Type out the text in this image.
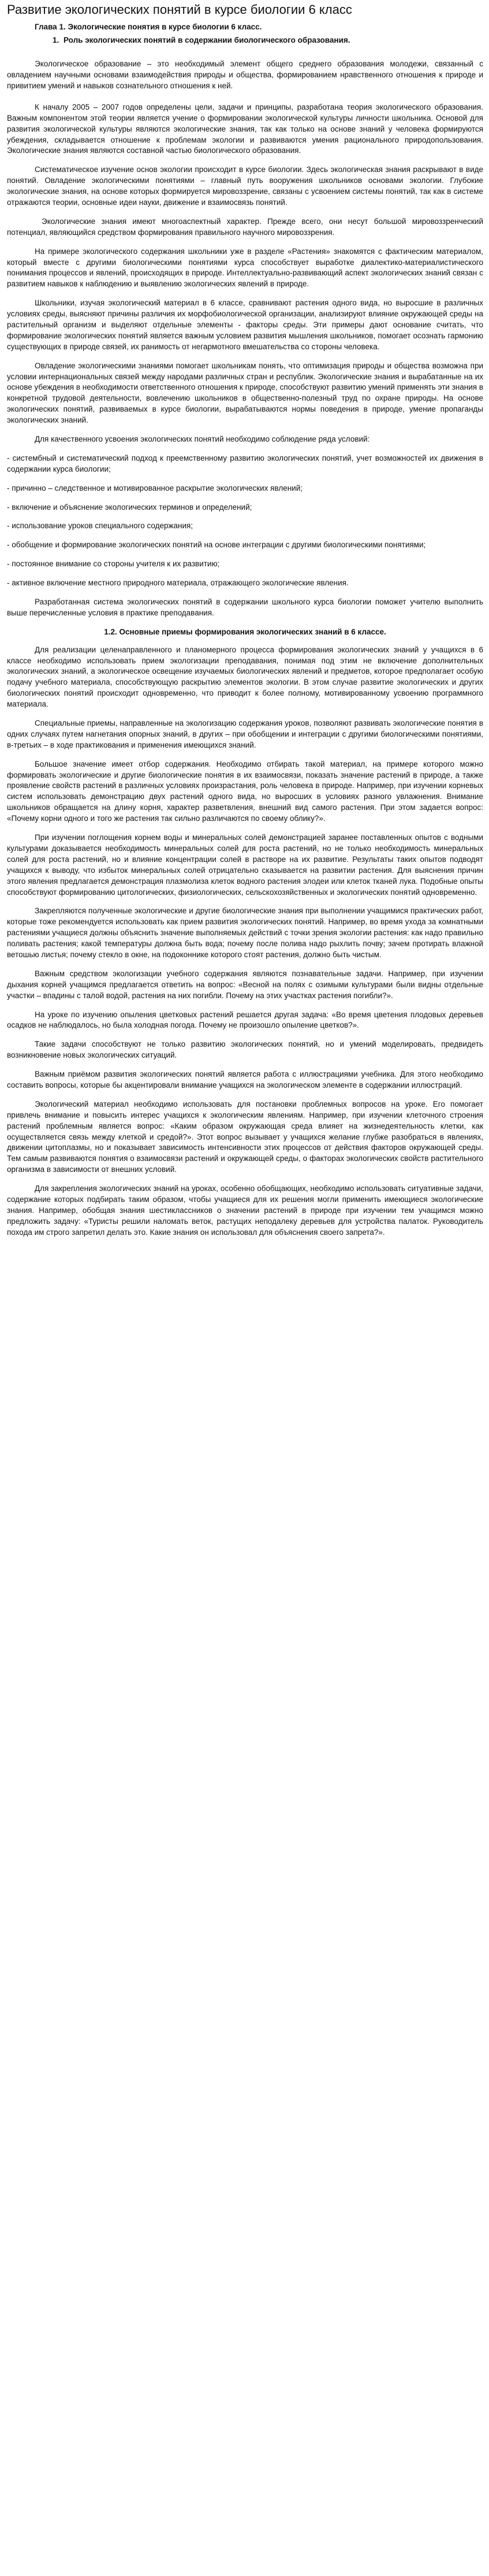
Развитие экологических понятий в курсе биологии 6 класс
Глава 1. Экологические понятия в курсе биологии 6 класс.
1. Роль экологических понятий в содержании биологического образования.

Экологическое образование – это необходимый элемент общего среднего образования молодежи, связанный с овладением научными основами взаимодействия природы и общества, формированием нравственного отношения к природе и привитием умений и навыков сознательного отношения к ней.

К началу 2005 – 2007 годов определены цели, задачи и принципы, разработана теория экологического образования. Важным компонентом этой теории является учение о формировании экологической культуры личности школьника. Основой для развития экологической культуры являются экологические знания, так как только на основе знаний у человека формируются убеждения, складывается отношение к проблемам экологии и развиваются умения рационального природопользования. Экологические знания являются составной частью биологического образования.

Систематическое изучение основ экологии происходит в курсе биологии. Здесь экологическая знания раскрывают в виде понятий. Овладение экологическими понятиями – главный путь вооружения школьников основами экологии. Глубокие экологические знания, на основе которых формируется мировоззрение, связаны с усвоением системы понятий, так как в системе отражаются теории, основные идеи науки, движение и взаимосвязь понятий.

Экологические знания имеют многоаспектный характер. Прежде всего, они несут большой мировоззренческий потенциал, являющийся средством формирования правильного научного мировоззрения.

На примере экологического содержания школьники уже в разделе «Растения» знакомятся с фактическим материалом, который вместе с другими биологическими понятиями курса способствует выработке диалектико-материалистического понимания процессов и явлений, происходящих в природе. Интеллектуально-развивающий аспект экологических знаний связан с развитием навыков к наблюдению и выявлению экологических явлений в природе.

Школьники, изучая экологический материал в 6 классе, сравнивают растения одного вида, но выросшие в различных условиях среды, выясняют причины различия их морфобиологической организации, анализируют влияние окружающей среды на растительный организм и выделяют отдельные элементы - факторы среды. Эти примеры дают основание считать, что формирование экологических понятий является важным условием развития мышления школьников, помогает осознать гармонию существующих в природе связей, их ранимость от негармотного вмешательства со стороны человека.

Овладение экологическими знаниями помогает школьникам понять, что оптимизация природы и общества возможна при условии интернациональных связей между народами различных стран и республик. Экологические знания и вырабатанные на их основе убеждения в необходимости ответственного отношения к природе, способствуют развитию умений применять эти знания в конкретной трудовой деятельности, вовлечению школьников в общественно-полезный труд по охране природы. На основе экологических понятий, развиваемых в курсе биологии, вырабатываются нормы поведения в природе, умение пропаганды экологических знаний.

Для качественного усвоения экологических понятий необходимо соблюдение ряда условий:

- систембный и систематический подход к преемственному развитию экологических понятий, учет возможностей их движения в содержании курса биологии;

- причинно – следственное и мотивированное раскрытие экологических явлений;

- включение и объяснение экологических терминов и определений;

- использование уроков специального содержания;

- обобщение и формирование экологических понятий на основе интеграции с другими биологическими понятиями;

- постоянное внимание со стороны учителя к их развитию;

- активное включение местного природного материала, отражающего экологические явления.

Разработанная система экологических понятий в содержании школьного курса биологии поможет учителю выполнить выше перечисленные условия в практике преподавания.

1.2. Основные приемы формирования экологических знаний в 6 классе.

Для реализации целенаправленного и планомерного процесса формирования экологических знаний у учащихся в 6 классе необходимо использовать прием экологизации преподавания, понимая под этим не включение дополнительных экологических знаний, а экологическое освещение изучаемых биологических явлений и предметов, которое предполагает особую подачу учебного материала, способствующую раскрытию элементов экологии. В этом случае развитие экологических и других биологических понятий происходит одновременно, что приводит к более полному, мотивированному усвоению программного материала.

Специальные приемы, направленные на экологизацию содержания уроков, позволяют развивать экологические понятия в одних случаях путем нагнетания опорных знаний, в других – при обобщении и интеграции с другими биологическими понятиями, в-третьих – в ходе практикования и применения имеющихся знаний.

Большое значение имеет отбор содержания. Необходимо отбирать такой материал, на примере которого можно формировать экологические и другие биологические понятия в их взаимосвязи, показать значение растений в природе, а также проявление свойств растений в различных условиях произрастания, роль человека в природе. Например, при изучении корневых систем использовать демонстрацию двух растений одного вида, но выросших в условиях разного увлажнения. Внимание школьников обращается на длину корня, характер разветвления, внешний вид самого растения. При этом задается вопрос: «Почему корни одного и того же растения так сильно различаются по своему облику?».

При изучении поглощения корнем воды и минеральных солей демонстрацией заранее поставленных опытов с водными культурами доказывается необходимость минеральных солей для роста растений, но не только необходимость минеральных солей для роста растений, но и влияние концентрации солей в растворе на их развитие. Результаты таких опытов подводят учащихся к выводу, что избыток минеральных солей отрицательно сказывается на развитии растения. Для выяснения причин этого явления предлагается демонстрация плазмолиза клеток водного растения элодеи или клеток тканей лука. Подобные опыты способствуют формированию цитологических, физиологических, сельскохозяйственных и экологических понятий одновременно.

Закрепляются полученные экологические и другие биологические знания при выполнении учащимися практических работ, которые тоже рекомендуется использовать как прием развития экологических понятий. Например, во время ухода за комнатными растениями учащиеся должны объяснить значение выполняемых действий с точки зрения экологии растения: как надо правильно поливать растения; какой температуры должна быть вода; почему после полива надо рыхлить почву; зачем протирать влажной ветошью листья; почему стекло в окне, на подоконнике которого стоят растения, должно быть чистым.

Важным средством экологизации учебного содержания являются познавательные задачи. Например, при изучении дыхания корней учащимся предлагается ответить на вопрос: «Весной на полях с озимыми культурами были видны отдельные участки – впадины с талой водой, растения на них погибли. Почему на этих участках растения погибли?».

На уроке по изучению опыления цветковых растений решается другая задача: «Во время цветения плодовых деревьев осадков не наблюдалось, но была холодная погода. Почему не произошло опыление цветков?».

Такие задачи способствуют не только развитию экологических понятий, но и умений моделировать, предвидеть возникновение новых экологических ситуаций.

Важным приёмом развития экологических понятий является работа с иллюстрациями учебника. Для этого необходимо составить вопросы, которые бы акцентировали внимание учащихся на экологическом элементе в содержании иллюстраций.

Экологический материал необходимо использовать для постановки проблемных вопросов на уроке. Его помогает привлечь внимание и повысить интерес учащихся к экологическим явлениям. Например, при изучении клеточного строения растений проблемным является вопрос: «Каким образом окружающая среда влияет на жизнедеятельность клетки, как осуществляется связь между клеткой и средой?». Этот вопрос вызывает у учащихся желание глубже разобраться в явлениях, движении цитоплазмы, но и показывает зависимость интенсивности этих процессов от действия факторов окружающей среды. Тем самым развиваются понятия о взаимосвязи растений и окружающей среды, о факторах экологических свойств растительного организма в зависимости от внешних условий.

Для закрепления экологических знаний на уроках, особенно обобщающих, необходимо использовать ситуативные задачи, содержание которых подбирать таким образом, чтобы учащиеся для их решения могли применить имеющиеся экологические знания. Например, обобщая знания шестиклассников о значении растений в природе при изучении тем учащимся можно предложить задачу: «Туристы решили наломать веток, растущих неподалеку деревьев для устройства палаток. Руководитель похода им строго запретил делать это. Какие знания он использовал для объяснения своего запрета?».
